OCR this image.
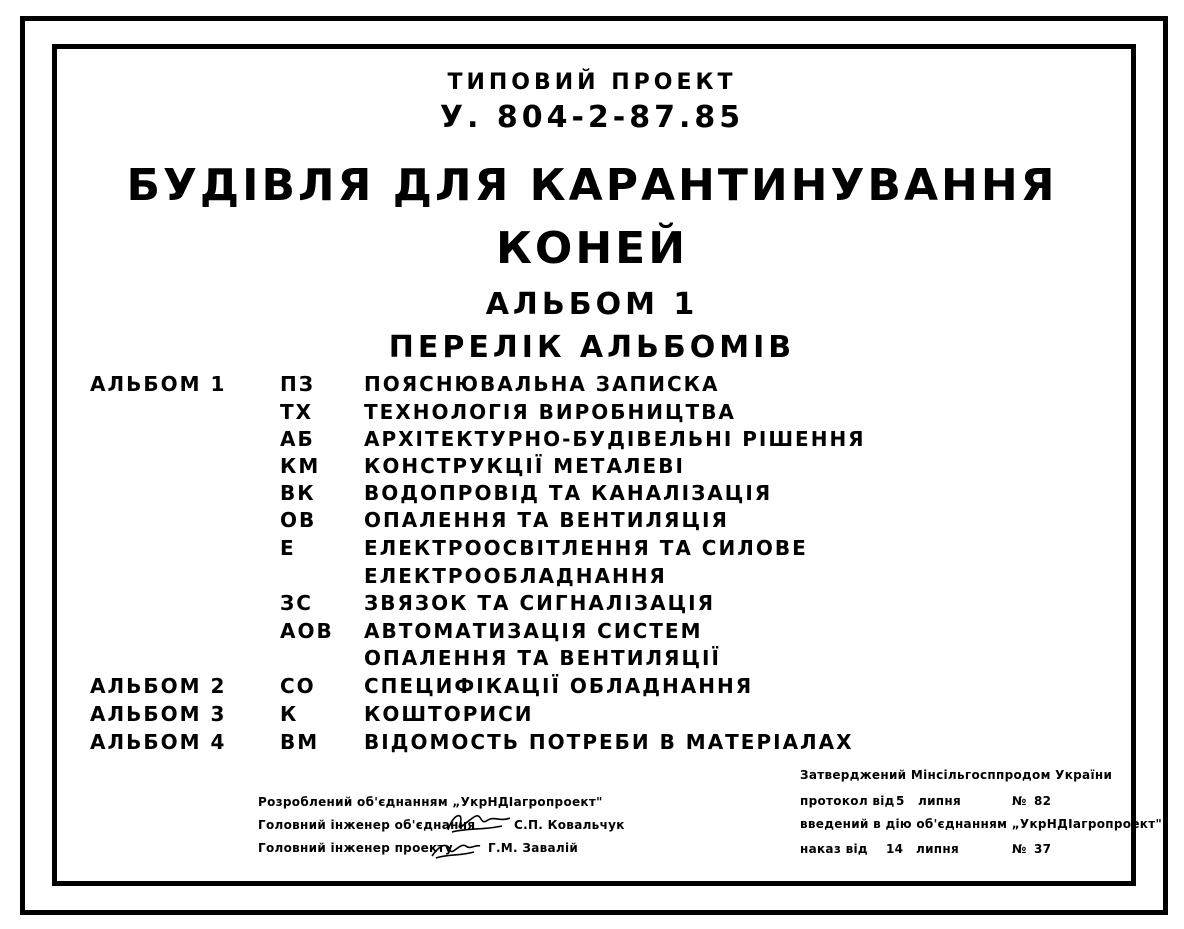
ТИПОВИЙ ПРОЕКТ
У. 804-2-87.85
БУДІВЛЯ ДЛЯ КАРАНТИНУВАННЯ
КОНЕЙ
АЛЬБОМ 1
ПЕРЕЛІК АЛЬБОМІВ
АЛЬБОМ 1	ПЗ ПОЯСНЮВАЛЬНА ЗАПИСКА
ТХ	ТЕХНОЛОГІЯ ВИРОБНИЦТВА
АБ АРХІТЕКТУРНО-БУДІВЕЛЬНІ РІШЕННЯ
КМ КОНСТРУКЦІЇ МЕТАЛЕВІ
ВК ВОДОПРОВІД ТА КАНАЛІЗАЦІЯ
ОВ ОПАЛЕННЯ ТА ВЕНТИЛЯЦІЯ
Е	ЕЛЕКТРООСВІТЛЕННЯ ТА СИЛОВЕ
ЕЛЕКТРООБЛАДНАННЯ
ЗС	ЗВЯЗОК ТА СИГНАЛІЗАЦІЯ
АОВ АВТОМАТИЗАЦІЯ СИСТЕМ
ОПАЛЕННЯ ТА ВЕНТИЛЯЦІЇ
АЛЬБОМ 2	СО СПЕЦИФІКАЦІЇ ОБЛАДНАННЯ
АЛЬБОМ 3	К	КОШТОРИСИ
АЛЬБОМ 4	ВМ ВІДОМОСТЬ ПОТРЕБИ В МАТЕРІАЛАХ
Розроблений об'єднанням „УкрНДІагропроект"
Головний інженер об'єднання	С.П. Ковальчук
Головний інженер проекту	Г.М. Завалій
Затверджений Мінсільгосппродом України
протокол від 5 липня	№ 82
введений в дію об'єднанням „УкрНДІагропроект"
наказ від 14 липня	№ 37
